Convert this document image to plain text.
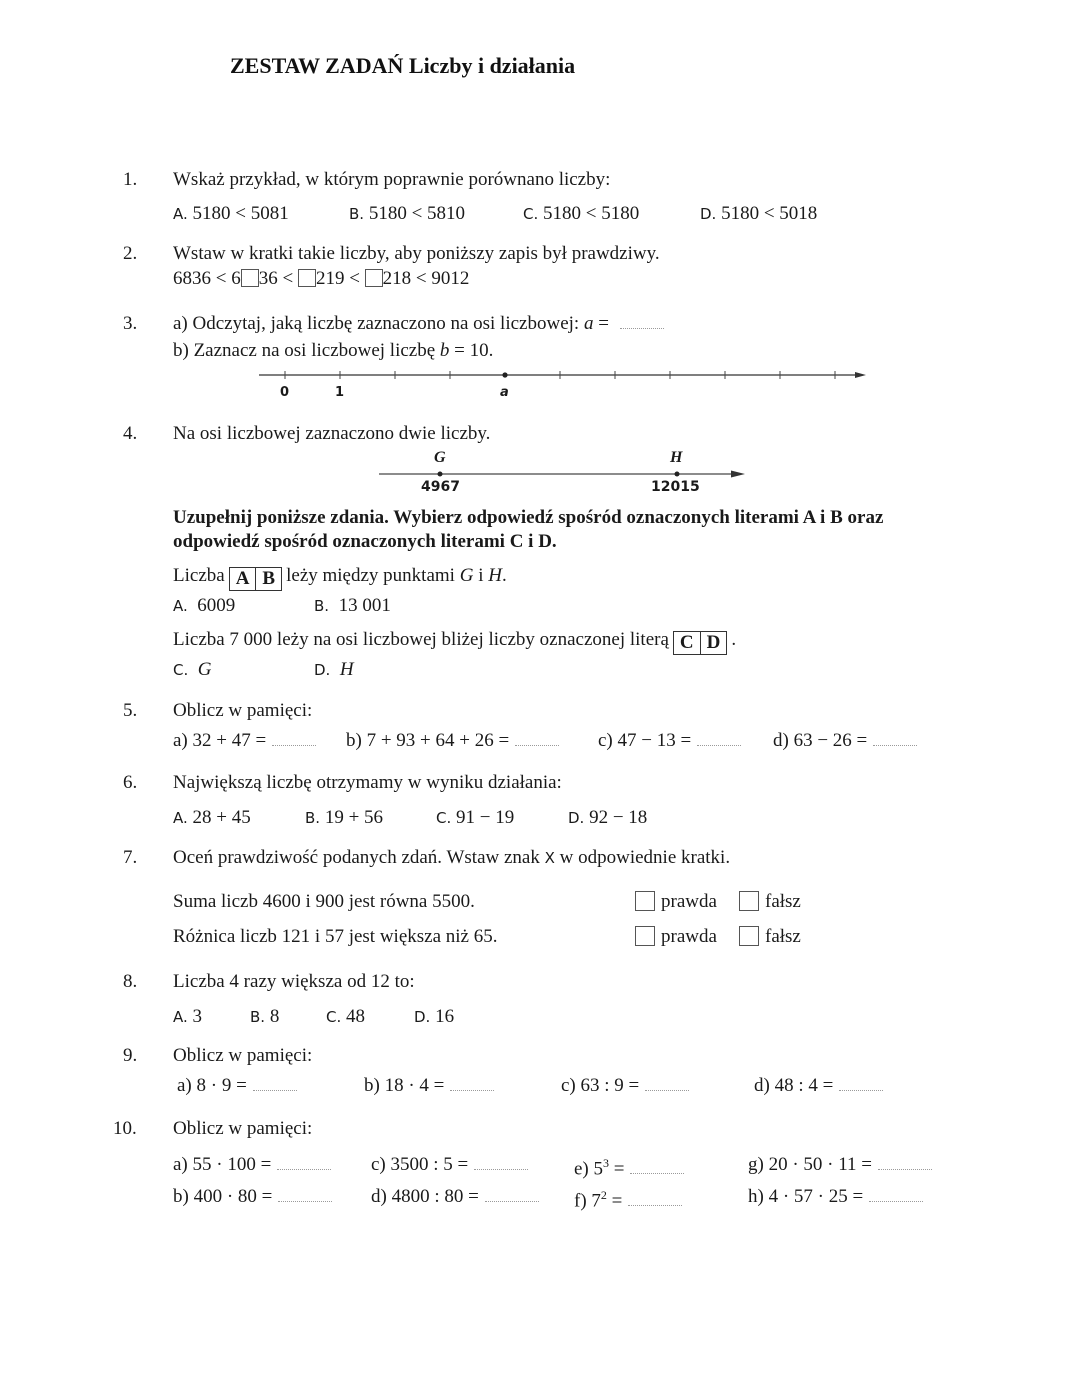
ZESTAW ZADAŃ Liczby i działania
1. Wskaż przykład, w którym poprawnie porównano liczby:
A. 5180 < 5081	B. 5180 < 5810	C. 5180 < 5180	D. 5180 < 5018
2. Wstaw w kratki takie liczby, aby poniższy zapis był prawdziwy.
6836 < 6 36 < 219 < 218 < 9012
3. a) Odczytaj, jaką liczbę zaznaczono na osi liczbowej: a =
b) Zaznacz na osi liczbowej liczbę b = 10.
0	1	a
4. Na osi liczbowej zaznaczono dwie liczby.
G	H
4967	12015
Uzupełnij poniższe zdania. Wybierz odpowiedź spośród oznaczonych literami A i B oraz
odpowiedź spośród oznaczonych literami C i D.
Liczba A B leży między punktami G i H.
A. 6009	B. 13 001
Liczba 7 000 leży na osi liczbowej bliżej liczby oznaczonej literą C D .
C. G	D. H
5. Oblicz w pamięci:
a) 32 + 47 =	b) 7 + 93 + 64 + 26 =	c) 47 − 13 =	d) 63 − 26 =
6. Największą liczbę otrzymamy w wyniku działania:
A. 28 + 45	B. 19 + 56	C. 91 − 19	D. 92 − 18
7. Oceń prawdziwość podanych zdań. Wstaw znak X w odpowiednie kratki.
Suma liczb 4600 i 900 jest równa 5500.	prawda	fałsz
Różnica liczb 121 i 57 jest większa niż 65.	prawda	fałsz
8. Liczba 4 razy większa od 12 to:
A. 3	B. 8	C. 48	D. 16
9. Oblicz w pamięci:
a) 8 · 9 =	b) 18 · 4 =	c) 63 : 9 =	d) 48 : 4 =
10. Oblicz w pamięci:
a) 55 · 100 =	c) 3500 : 5 =	e) $5^3$ =	g) 20 · 50 · 11 =
b) 400 · 80 =	d) 4800 : 80 =	f) $7^2$ =	h) 4 · 57 · 25 =
